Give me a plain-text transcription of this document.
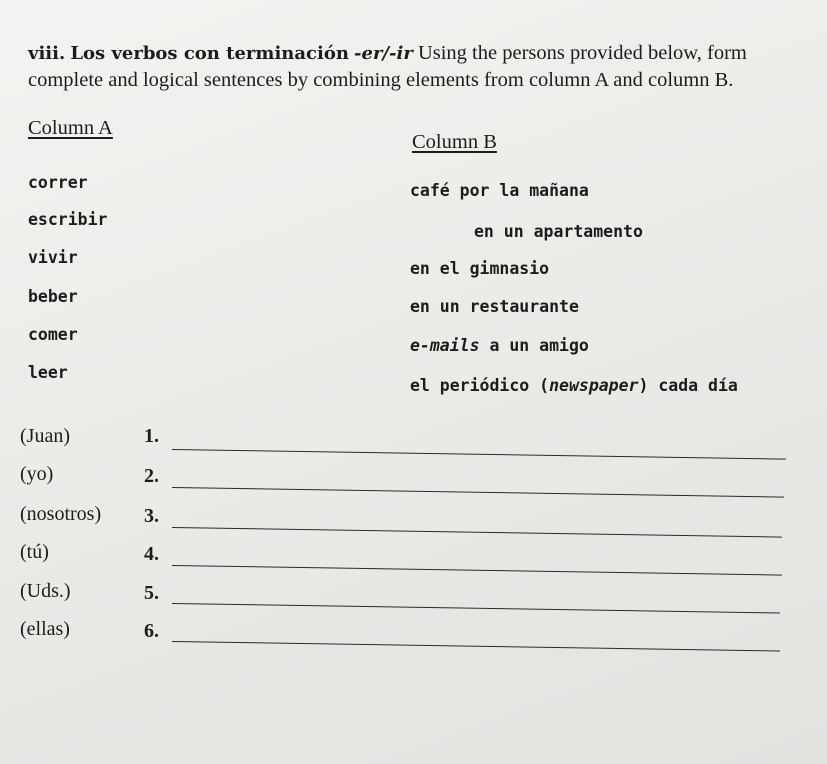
viii. Los verbos con terminación -er/-ir Using the persons provided below, form complete and logical sentences by combining elements from column A and column B.
Column A
Column B
correr
escribir
vivir
beber
comer
leer
café por la mañana
en un apartamento
en el gimnasio
en un restaurante
e-mails a un amigo
el periódico (newspaper) cada día
(Juan)	1.
(yo)	2.
(nosotros) 3.
(tú)	4.
(Uds.)	5.
(ellas)	6.
